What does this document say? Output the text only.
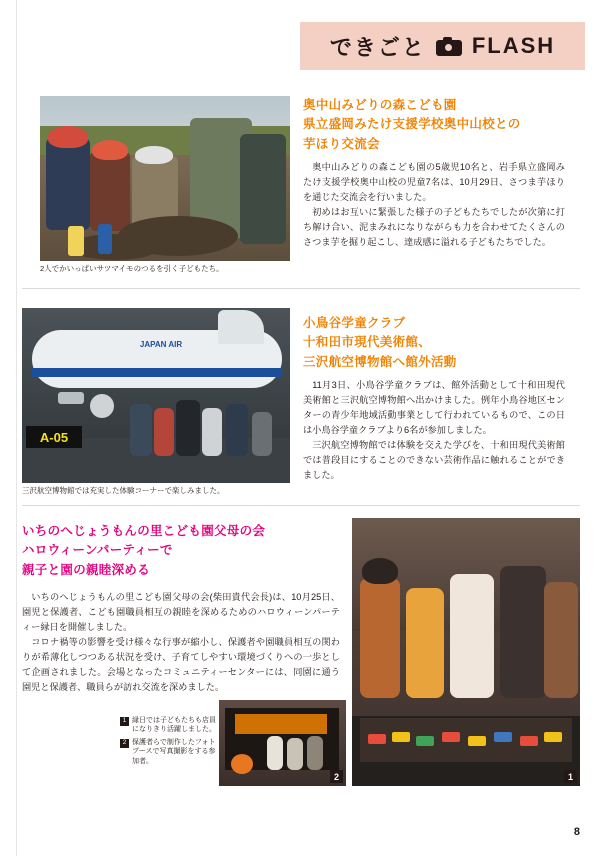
できごと FLASH
2人でかいっぱいサツマイモのつるを引く子どもたち。
奥中山みどりの森こども園
県立盛岡みたけ支援学校奥中山校との
芋ほり交流会

奥中山みどりの森こども園の5歳児10名と、岩手県立盛岡みたけ支援学校奥中山校の児童7名は、10月29日、さつま芋ほりを通じた交流会を行いました。

初めはお互いに緊張した様子の子どもたちでしたが次第に打ち解け合い、泥まみれになりながらも力を合わせてたくさんのさつま芋を掘り起こし、達成感に溢れる子どもたちでした。

JAPAN AIR
A-05
三沢航空博物館では充実した体験コーナーで楽しみました。
小鳥谷学童クラブ
十和田市現代美術館、
三沢航空博物館へ館外活動

11月3日、小鳥谷学童クラブは、館外活動として十和田現代美術館と三沢航空博物館へ出かけました。例年小鳥谷地区センターの青少年地域活動事業として行われているもので、この日は小鳥谷学童クラブより6名が参加しました。

三沢航空博物館では体験を交えた学びを、十和田現代美術館では普段目にすることのできない芸術作品に触れることができました。

いちのへじょうもんの里こども園父母の会
ハロウィーンパーティーで
親子と園の親睦深める

いちのへじょうもんの里こども園父母の会(柴田貴代会長)は、10月25日、園児と保護者、こども園職員相互の親睦を深めるためのハロウィーンパーティー縁日を開催しました。

コロナ禍等の影響を受け様々な行事が縮小し、保護者や園職員相互の関わりが希薄化しつつある状況を受け、子育てしやすい環境づくりへの一歩として企画されました。会場となったコミュニティーセンターには、同園に通う園児と保護者、職員らが訪れ交流を深めました。

1 縁日では子どもたちも店員になりきり活躍しました。
2 保護者らで制作したフォトブースで写真撮影をする参加者。
2	1
8
